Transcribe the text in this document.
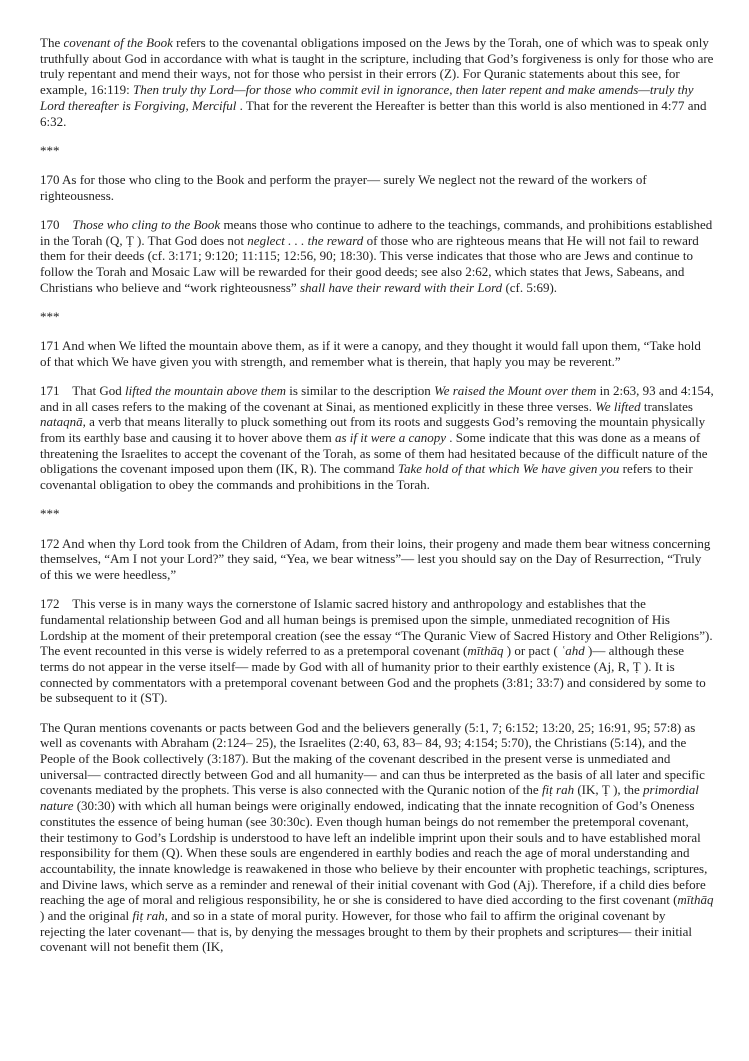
The covenant of the Book refers to the covenantal obligations imposed on the Jews by the Torah, one of which was to speak only truthfully about God in accordance with what is taught in the scripture, including that God’s forgiveness is only for those who are truly repentant and mend their ways, not for those who persist in their errors (Z). For Quranic statements about this see, for example, 16:119: Then truly thy Lord—for those who commit evil in ignorance, then later repent and make amends—truly thy Lord thereafter is Forgiving, Merciful . That for the reverent the Hereafter is better than this world is also mentioned in 4:77 and 6:32.

***

170 As for those who cling to the Book and perform the prayer— surely We neglect not the reward of the workers of righteousness.

170    Those who cling to the Book means those who continue to adhere to the teachings, commands, and prohibitions established in the Torah (Q, Ṭ ). That God does not neglect . . . the reward of those who are righteous means that He will not fail to reward them for their deeds (cf. 3:171; 9:120; 11:115; 12:56, 90; 18:30). This verse indicates that those who are Jews and continue to follow the Torah and Mosaic Law will be rewarded for their good deeds; see also 2:62, which states that Jews, Sabeans, and Christians who believe and “work righteousness” shall have their reward with their Lord (cf. 5:69).

***

171 And when We lifted the mountain above them, as if it were a canopy, and they thought it would fall upon them, “Take hold of that which We have given you with strength, and remember what is therein, that haply you may be reverent.”

171    That God lifted the mountain above them is similar to the description We raised the Mount over them in 2:63, 93 and 4:154, and in all cases refers to the making of the covenant at Sinai, as mentioned explicitly in these three verses. We lifted translates nataqnā, a verb that means literally to pluck something out from its roots and suggests God’s removing the mountain physically from its earthly base and causing it to hover above them as if it were a canopy . Some indicate that this was done as a means of threatening the Israelites to accept the covenant of the Torah, as some of them had hesitated because of the difficult nature of the obligations the covenant imposed upon them (IK, R). The command Take hold of that which We have given you refers to their covenantal obligation to obey the commands and prohibitions in the Torah.

***

172 And when thy Lord took from the Children of Adam, from their loins, their progeny and made them bear witness concerning themselves, “Am I not your Lord?” they said, “Yea, we bear witness”— lest you should say on the Day of Resurrection, “Truly of this we were heedless,”

172    This verse is in many ways the cornerstone of Islamic sacred history and anthropology and establishes that the fundamental relationship between God and all human beings is premised upon the simple, unmediated recognition of His Lordship at the moment of their pretemporal creation (see the essay “The Quranic View of Sacred History and Other Religions”). The event recounted in this verse is widely referred to as a pretemporal covenant (mīthāq ) or pact ( ʿahd )— although these terms do not appear in the verse itself— made by God with all of humanity prior to their earthly existence (Aj, R, Ṭ ). It is connected by commentators with a pretemporal covenant between God and the prophets (3:81; 33:7) and considered by some to be subsequent to it (ST).

The Quran mentions covenants or pacts between God and the believers generally (5:1, 7; 6:152; 13:20, 25; 16:91, 95; 57:8) as well as covenants with Abraham (2:124– 25), the Israelites (2:40, 63, 83– 84, 93; 4:154; 5:70), the Christians (5:14), and the People of the Book collectively (3:187). But the making of the covenant described in the present verse is unmediated and universal— contracted directly between God and all humanity— and can thus be interpreted as the basis of all later and specific covenants mediated by the prophets. This verse is also connected with the Quranic notion of the fiṭ rah (IK, Ṭ ), the primordial nature (30:30) with which all human beings were originally endowed, indicating that the innate recognition of God’s Oneness constitutes the essence of being human (see 30:30c). Even though human beings do not remember the pretemporal covenant, their testimony to God’s Lordship is understood to have left an indelible imprint upon their souls and to have established moral responsibility for them (Q). When these souls are engendered in earthly bodies and reach the age of moral understanding and accountability, the innate knowledge is reawakened in those who believe by their encounter with prophetic teachings, scriptures, and Divine laws, which serve as a reminder and renewal of their initial covenant with God (Aj). Therefore, if a child dies before reaching the age of moral and religious responsibility, he or she is considered to have died according to the first covenant (mīthāq ) and the original fiṭ rah, and so in a state of moral purity. However, for those who fail to affirm the original covenant by rejecting the later covenant— that is, by denying the messages brought to them by their prophets and scriptures— their initial covenant will not benefit them (IK,
